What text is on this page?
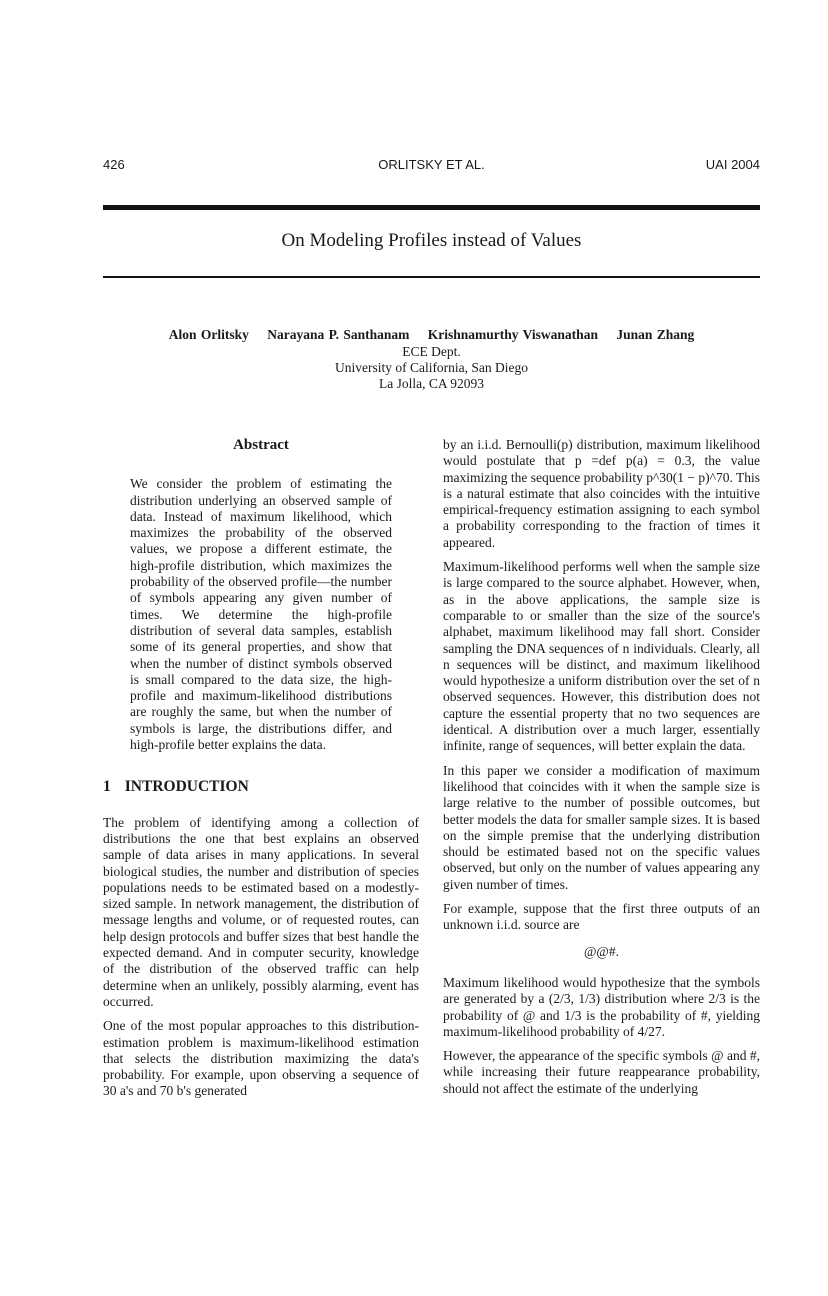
426	ORLITSKY ET AL.	UAI 2004
On Modeling Profiles instead of Values
Alon Orlitsky Narayana P. Santhanam Krishnamurthy Viswanathan Junan Zhang
ECE Dept.
University of California, San Diego
La Jolla, CA 92093
Abstract

We consider the problem of estimating the distribution underlying an observed sample of data. Instead of maximum likelihood, which maximizes the probability of the observed values, we propose a different estimate, the high-profile distribution, which maximizes the probability of the observed profile—the number of symbols appearing any given number of times. We determine the high-profile distribution of several data samples, establish some of its general properties, and show that when the number of distinct symbols observed is small compared to the data size, the high-profile and maximum-likelihood distributions are roughly the same, but when the number of symbols is large, the distributions differ, and high-profile better explains the data.

1 INTRODUCTION

The problem of identifying among a collection of distributions the one that best explains an observed sample of data arises in many applications. In several biological studies, the number and distribution of species populations needs to be estimated based on a modestly-sized sample. In network management, the distribution of message lengths and volume, or of requested routes, can help design protocols and buffer sizes that best handle the expected demand. And in computer security, knowledge of the distribution of the observed traffic can help determine when an unlikely, possibly alarming, event has occurred.

One of the most popular approaches to this distribution-estimation problem is maximum-likelihood estimation that selects the distribution maximizing the data's probability. For example, upon observing a sequence of 30 a's and 70 b's generated

by an i.i.d. Bernoulli(p) distribution, maximum likelihood would postulate that p =def p(a) = 0.3, the value maximizing the sequence probability p^30(1 − p)^70. This is a natural estimate that also coincides with the intuitive empirical-frequency estimation assigning to each symbol a probability corresponding to the fraction of times it appeared.

Maximum-likelihood performs well when the sample size is large compared to the source alphabet. However, when, as in the above applications, the sample size is comparable to or smaller than the size of the source's alphabet, maximum likelihood may fall short. Consider sampling the DNA sequences of n individuals. Clearly, all n sequences will be distinct, and maximum likelihood would hypothesize a uniform distribution over the set of n observed sequences. However, this distribution does not capture the essential property that no two sequences are identical. A distribution over a much larger, essentially infinite, range of sequences, will better explain the data.

In this paper we consider a modification of maximum likelihood that coincides with it when the sample size is large relative to the number of possible outcomes, but better models the data for smaller sample sizes. It is based on the simple premise that the underlying distribution should be estimated based not on the specific values observed, but only on the number of values appearing any given number of times.

For example, suppose that the first three outputs of an unknown i.i.d. source are

@@#.

Maximum likelihood would hypothesize that the symbols are generated by a (2/3, 1/3) distribution where 2/3 is the probability of @ and 1/3 is the probability of #, yielding maximum-likelihood probability of 4/27.

However, the appearance of the specific symbols @ and #, while increasing their future reappearance probability, should not affect the estimate of the underlying
